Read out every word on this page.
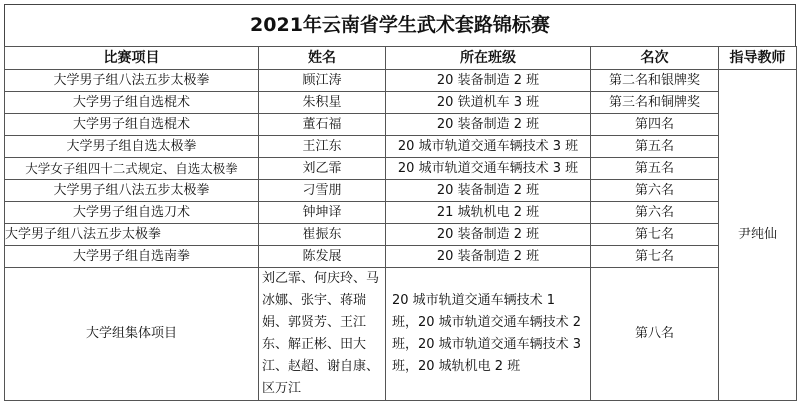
2021年云南省学生武术套路锦标赛
比赛项目	姓名	所在班级	名次	指导教师
大学男子组八法五步太极拳	顾江涛	20 装备制造 2 班	第二名和银牌奖	尹纯仙
大学男子组自选棍术	朱积星	20 铁道机车 3 班	第三名和铜牌奖	
大学男子组自选棍术	董石福	20 装备制造 2 班	第四名	
大学男子组自选太极拳	王江东	20 城市轨道交通车辆技术 3 班	第五名	
大学女子组四十二式规定、自选太极拳	刘乙霏	20 城市轨道交通车辆技术 3 班	第五名	
大学男子组八法五步太极拳	刁雪朋	20 装备制造 2 班	第六名	
大学男子组自选刀术	钟坤译	21 城轨机电 2 班	第六名	
大学男子组八法五步太极拳	崔振东	20 装备制造 2 班	第七名	
大学男子组自选南拳	陈发展	20 装备制造 2 班	第七名	
大学组集体项目	刘乙霏、何庆玲、马冰娜、张宇、蒋瑞娟、郭贤芳、王江东、解正彬、田大江、赵超、谢自康、区万江	20 城市轨道交通车辆技术 1 班，20 城市轨道交通车辆技术 2 班，20 城市轨道交通车辆技术 3 班，20 城轨机电 2 班	第八名	
